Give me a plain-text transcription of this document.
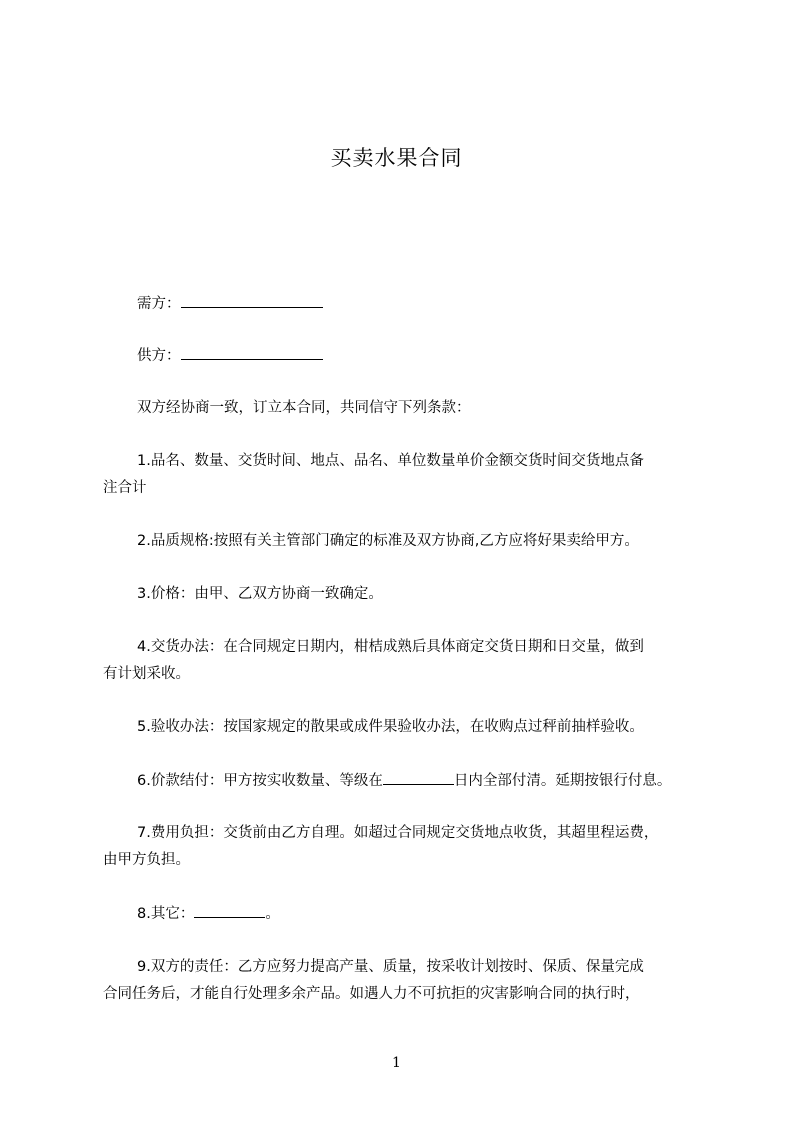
买卖水果合同
需方：
供方：
双方经协商一致，订立本合同，共同信守下列条款：
1.品名、数量、交货时间、地点、品名、单位数量单价金额交货时间交货地点备
注合计
2.品质规格:按照有关主管部门确定的标准及双方协商,乙方应将好果卖给甲方。
3.价格：由甲、乙双方协商一致确定。
4.交货办法：在合同规定日期内，柑桔成熟后具体商定交货日期和日交量，做到
有计划采收。
5.验收办法：按国家规定的散果或成件果验收办法，在收购点过秤前抽样验收。
6.价款结付：甲方按实收数量、等级在	日内全部付清。延期按银行付息。
7.费用负担：交货前由乙方自理。如超过合同规定交货地点收货，其超里程运费，
由甲方负担。
8.其它：	。
9.双方的责任：乙方应努力提高产量、质量，按采收计划按时、保质、保量完成
合同任务后，才能自行处理多余产品。如遇人力不可抗拒的灾害影响合同的执行时，
1
